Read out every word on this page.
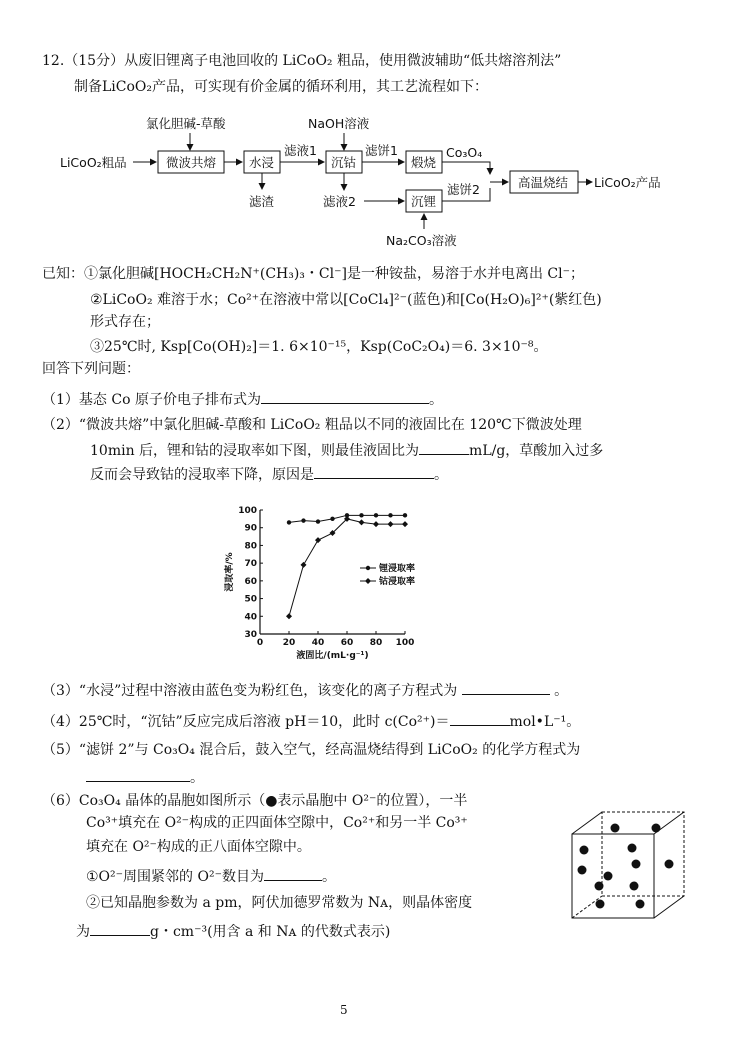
12.（15分）从废旧锂离子电池回收的 LiCoO₂ 粗品，使用微波辅助“低共熔溶剂法”
制备LiCoO₂产品，可实现有价金属的循环利用，其工艺流程如下：
LiCoO₂粗品
氯化胆碱-草酸
微波共熔	水浸
滤渣
滤液1
NaOH溶液
沉钴
滤饼1
煅烧
Co₃O₄
滤液2	沉锂
Na₂CO₃溶液
滤饼2	高温烧结 LiCoO₂产品
已知：①氯化胆碱[HOCH₂CH₂N⁺(CH₃)₃・Cl⁻]是一种铵盐，易溶于水并电离出 Cl⁻；
②LiCoO₂ 难溶于水；Co²⁺在溶液中常以[CoCl₄]²⁻(蓝色)和[Co(H₂O)₆]²⁺(紫红色)
形式存在；
③25℃时, Ksp[Co(OH)₂]＝1. 6×10⁻¹⁵，Ksp(CoC₂O₄)＝6. 3×10⁻⁸。
回答下列问题：
（1）基态 Co 原子价电子排布式为	。
（2）“微波共熔”中氯化胆碱-草酸和 LiCoO₂ 粗品以不同的液固比在 120℃下微波处理
10min 后，锂和钴的浸取率如下图，则最佳液固比为	mL/g，草酸加入过多
反而会导致钴的浸取率下降，原因是	。
30
40
50
60
70
80
90
100
0 20 40 60 80 100
液固比/(mL·g⁻¹)
浸取率/%	锂浸取率
钴浸取率
（3）“水浸”过程中溶液由蓝色变为粉红色，该变化的离子方程式为	。
（4）25℃时，“沉钴”反应完成后溶液 pH＝10，此时 c(Co²⁺)＝	mol•L⁻¹。
（5）“滤饼 2”与 Co₃O₄ 混合后，鼓入空气，经高温烧结得到 LiCoO₂ 的化学方程式为
。
（6）Co₃O₄ 晶体的晶胞如图所示（●表示晶胞中 O²⁻的位置），一半
Co³⁺填充在 O²⁻构成的正四面体空隙中，Co²⁺和另一半 Co³⁺
填充在 O²⁻构成的正八面体空隙中。
①O²⁻周围紧邻的 O²⁻数目为	。
②已知晶胞参数为 a pm，阿伏加德罗常数为 Nᴀ，则晶体密度
为	g・cm⁻³(用含 a 和 Nᴀ 的代数式表示)
5
